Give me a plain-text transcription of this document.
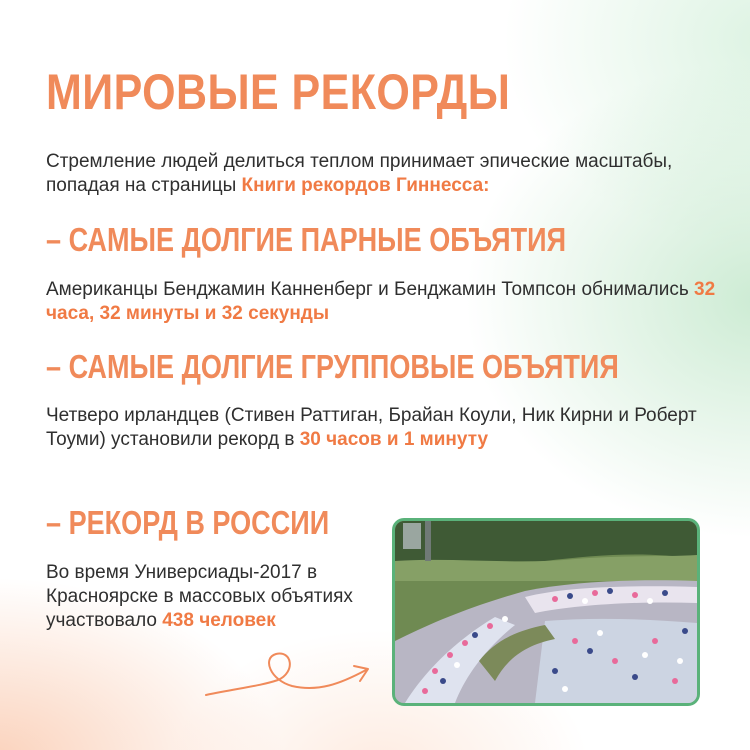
МИРОВЫЕ РЕКОРДЫ

Стремление людей делиться теплом принимает эпические масштабы, попадая на страницы Книги рекордов Гиннесса:

– САМЫЕ ДОЛГИЕ ПАРНЫЕ ОБЪЯТИЯ

Американцы Бенджамин Канненберг и Бенджамин Томпсон обнимались 32 часа, 32 минуты и 32 секунды

– САМЫЕ ДОЛГИЕ ГРУППОВЫЕ ОБЪЯТИЯ

Четверо ирландцев (Стивен Раттиган, Брайан Коули, Ник Кирни и Роберт Тоуми) установили рекорд в 30 часов и 1 минуту

– РЕКОРД В РОССИИ

Во время Универсиады-2017 в Красноярске в массовых объятиях участвовало 438 человек
